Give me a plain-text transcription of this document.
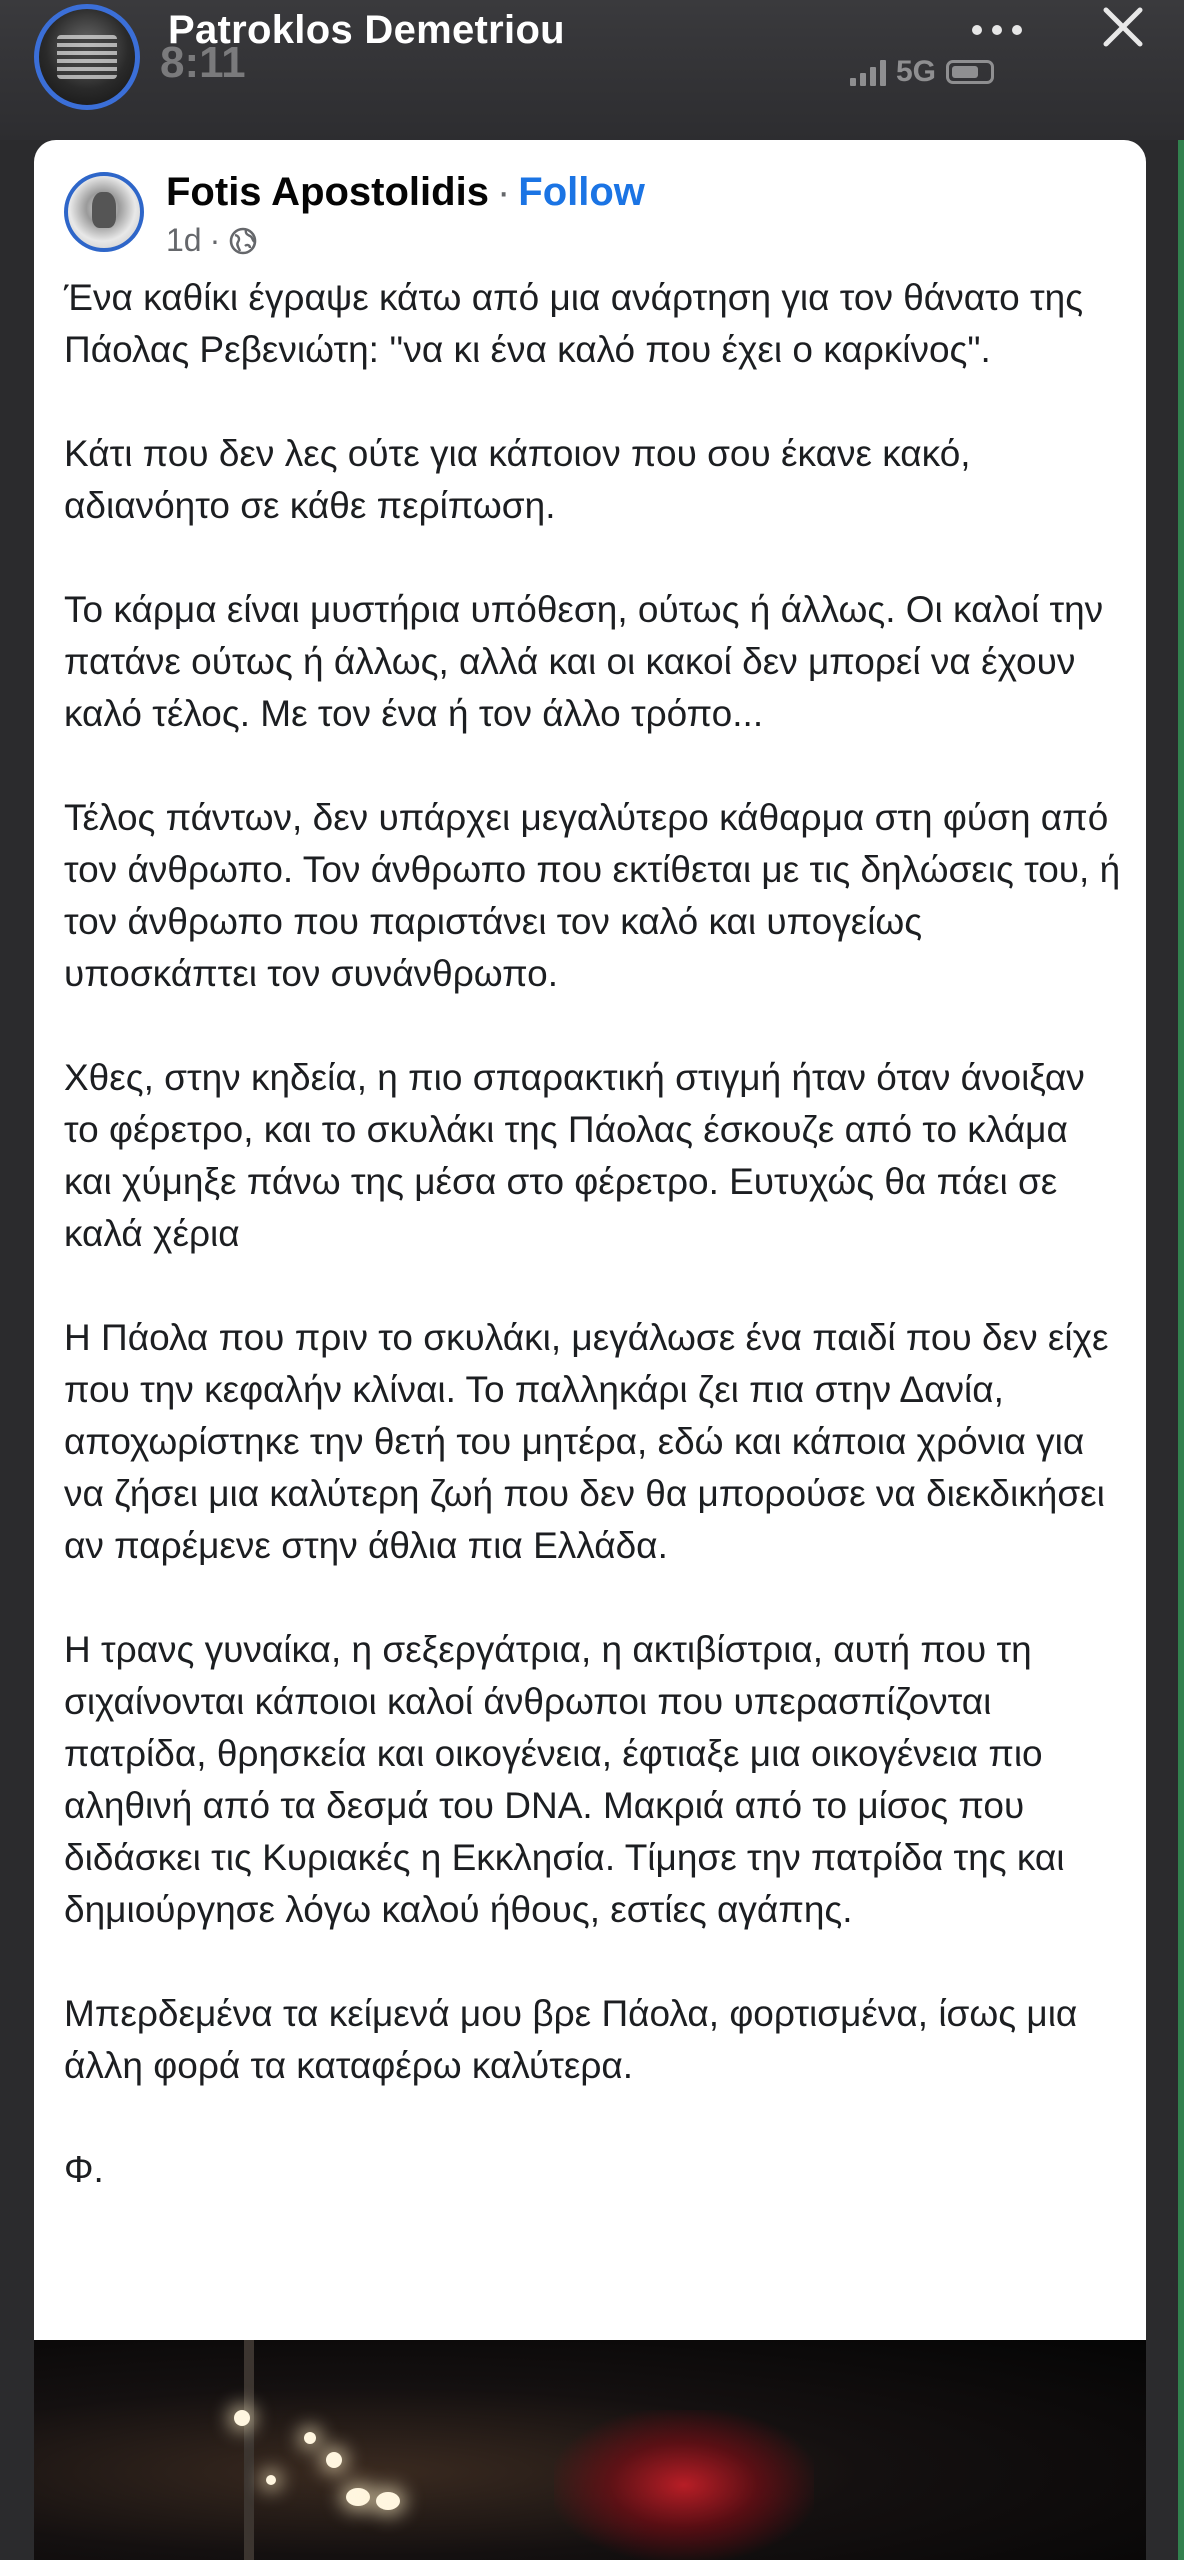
Patroklos Demetriou
8:11	5G
Fotis Apostolidis · Follow
1d ·

Ένα καθίκι έγραψε κάτω από μια ανάρτηση για τον θάνατο της Πάολας Ρεβενιώτη: ''να κι ένα καλό που έχει ο καρκίνος".

Κάτι που δεν λες ούτε για κάποιον που σου έκανε κακό, αδιανόητο σε κάθε περίπωση.

Το κάρμα είναι μυστήρια υπόθεση, ούτως ή άλλως. Οι καλοί την πατάνε ούτως ή άλλως, αλλά και οι κακοί δεν μπορεί να έχουν καλό τέλος. Με τον ένα ή τον άλλο τρόπο...

Τέλος πάντων, δεν υπάρχει μεγαλύτερο κάθαρμα στη φύση από τον άνθρωπο. Τον άνθρωπο που εκτίθεται με τις δηλώσεις του, ή τον άνθρωπο που παριστάνει τον καλό και υπογείως υποσκάπτει τον συνάνθρωπο.

Χθες, στην κηδεία, η πιο σπαρακτική στιγμή ήταν όταν άνοιξαν το φέρετρο, και το σκυλάκι της Πάολας έσκουζε από το κλάμα και χύμηξε πάνω της μέσα στο φέρετρο. Ευτυχώς θα πάει σε καλά χέρια

Η Πάολα που πριν το σκυλάκι, μεγάλωσε ένα παιδί που δεν είχε που την κεφαλήν κλίναι. Το παλληκάρι ζει πια στην Δανία, αποχωρίστηκε την θετή του μητέρα, εδώ και κάποια χρόνια για να ζήσει μια καλύτερη ζωή που δεν θα μπορούσε να διεκδικήσει αν παρέμενε στην άθλια πια Ελλάδα.

Η τρανς γυναίκα, η σεξεργάτρια, η ακτιβίστρια, αυτή που τη σιχαίνονται κάποιοι καλοί άνθρωποι που υπερασπίζονται πατρίδα, θρησκεία και οικογένεια, έφτιαξε μια οικογένεια πιο αληθινή από τα δεσμά του DNA. Μακριά από το μίσος που διδάσκει τις Κυριακές η Εκκλησία. Τίμησε την πατρίδα της και δημιούργησε λόγω καλού ήθους, εστίες αγάπης.

Μπερδεμένα τα κείμενά μου βρε Πάολα, φορτισμένα, ίσως μια άλλη φορά τα καταφέρω καλύτερα.

Φ.
